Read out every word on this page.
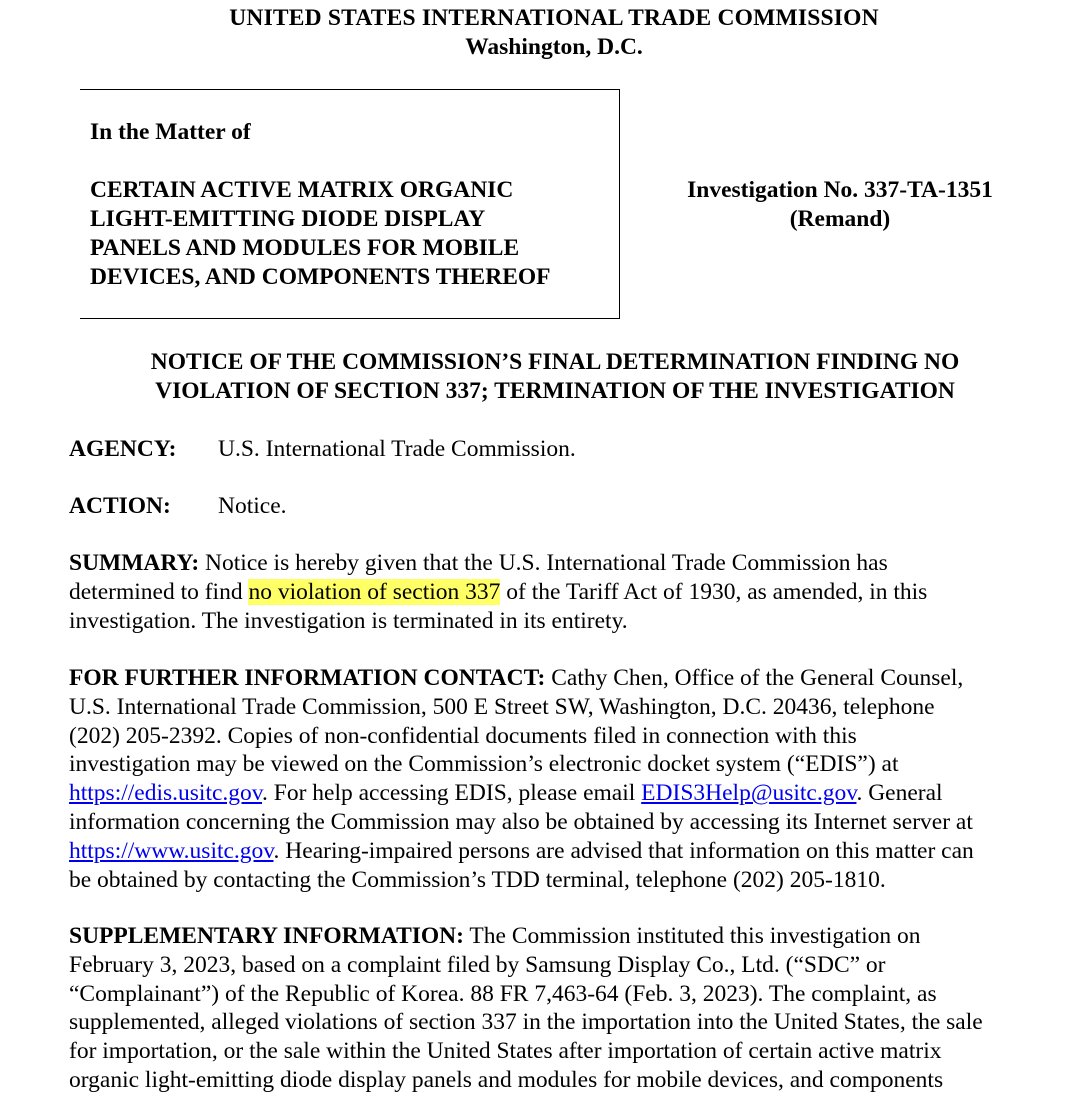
UNITED STATES INTERNATIONAL TRADE COMMISSION
Washington, D.C.
In the Matter of
CERTAIN ACTIVE MATRIX ORGANIC
LIGHT-EMITTING DIODE DISPLAY
PANELS AND MODULES FOR MOBILE
DEVICES, AND COMPONENTS THEREOF
Investigation No. 337-TA-1351
(Remand)
NOTICE OF THE COMMISSION’S FINAL DETERMINATION FINDING NO
VIOLATION OF SECTION 337; TERMINATION OF THE INVESTIGATION
AGENCY: U.S. International Trade Commission.
ACTION: Notice.
SUMMARY: Notice is hereby given that the U.S. International Trade Commission has
determined to find no violation of section 337 of the Tariff Act of 1930, as amended, in this
investigation. The investigation is terminated in its entirety.
FOR FURTHER INFORMATION CONTACT: Cathy Chen, Office of the General Counsel,
U.S. International Trade Commission, 500 E Street SW, Washington, D.C. 20436, telephone
(202) 205-2392. Copies of non-confidential documents filed in connection with this
investigation may be viewed on the Commission’s electronic docket system (“EDIS”) at
https://edis.usitc.gov. For help accessing EDIS, please email EDIS3Help@usitc.gov. General
information concerning the Commission may also be obtained by accessing its Internet server at
https://www.usitc.gov. Hearing-impaired persons are advised that information on this matter can
be obtained by contacting the Commission’s TDD terminal, telephone (202) 205-1810.
SUPPLEMENTARY INFORMATION: The Commission instituted this investigation on
February 3, 2023, based on a complaint filed by Samsung Display Co., Ltd. (“SDC” or
“Complainant”) of the Republic of Korea. 88 FR 7,463-64 (Feb. 3, 2023). The complaint, as
supplemented, alleged violations of section 337 in the importation into the United States, the sale
for importation, or the sale within the United States after importation of certain active matrix
organic light-emitting diode display panels and modules for mobile devices, and components
